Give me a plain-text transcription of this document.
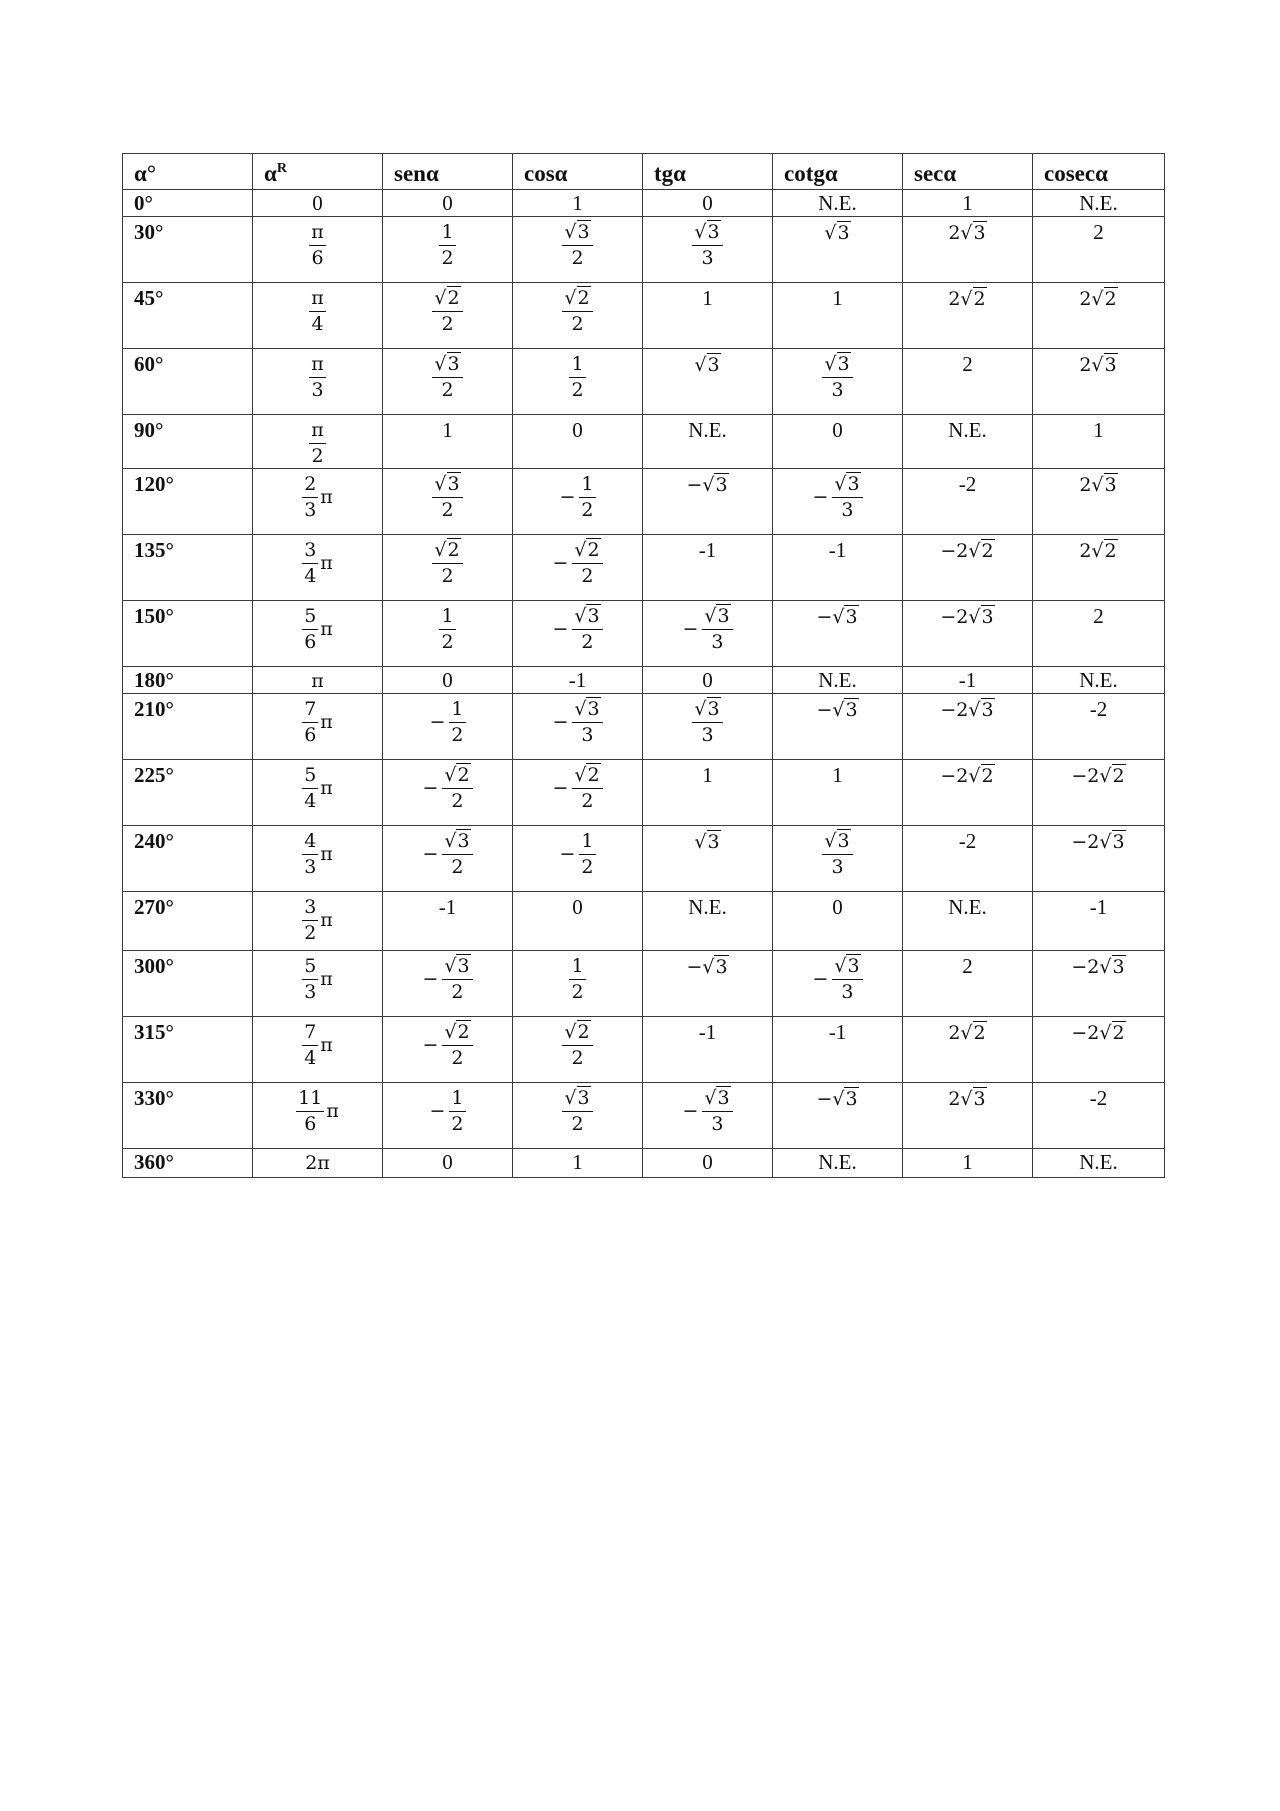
α°	$\alpha^R$	senα	cosα	tgα	cotgα	secα	cosecα
0°	0	0	1	0	N.E.	1	N.E.
30°	$\frac{\pi}{6}$	$\frac{1}{2}$	$\frac{√3}{2}$	$\frac{√3}{3}$	√3	2√3	2
45°	$\frac{\pi}{4}$	$\frac{√2}{2}$	$\frac{√2}{2}$	1	1	2√2	2√2
60°	$\frac{\pi}{3}$	$\frac{√3}{2}$	$\frac{1}{2}$	√3	$\frac{√3}{3}$	2	2√3
90°	$\frac{\pi}{2}$	1	0	N.E.	0	N.E.	1
120°	$\frac{2}{3}$ π	$\frac{√3}{2}$	− $\frac{1}{2}$	−√3	− $\frac{√3}{3}$	-2	2√3
135°	$\frac{3}{4}$ π	$\frac{√2}{2}$	− $\frac{√2}{2}$	-1	-1	−2√2	2√2
150°	$\frac{5}{6}$ π	$\frac{1}{2}$	− $\frac{√3}{2}$	− $\frac{√3}{3}$	−√3	−2√3	2
180°	π	0	-1	0	N.E.	-1	N.E.
210°	$\frac{7}{6}$ π	− $\frac{1}{2}$	− $\frac{√3}{3}$	$\frac{√3}{3}$	−√3	−2√3	-2
225°	$\frac{5}{4}$ π	− $\frac{√2}{2}$	− $\frac{√2}{2}$	1	1	−2√2	−2√2
240°	$\frac{4}{3}$ π	− $\frac{√3}{2}$	− $\frac{1}{2}$	√3	$\frac{√3}{3}$	-2	−2√3
270°	$\frac{3}{2}$ π	-1	0	N.E.	0	N.E.	-1
300°	$\frac{5}{3}$ π	− $\frac{√3}{2}$	$\frac{1}{2}$	−√3	− $\frac{√3}{3}$	2	−2√3
315°	$\frac{7}{4}$ π	− $\frac{√2}{2}$	$\frac{√2}{2}$	-1	-1	2√2	−2√2
330°	$\frac{11}{6}$ π	− $\frac{1}{2}$	$\frac{√3}{2}$	− $\frac{√3}{3}$	−√3	2√3	-2
360°	2π	0	1	0	N.E.	1	N.E.
